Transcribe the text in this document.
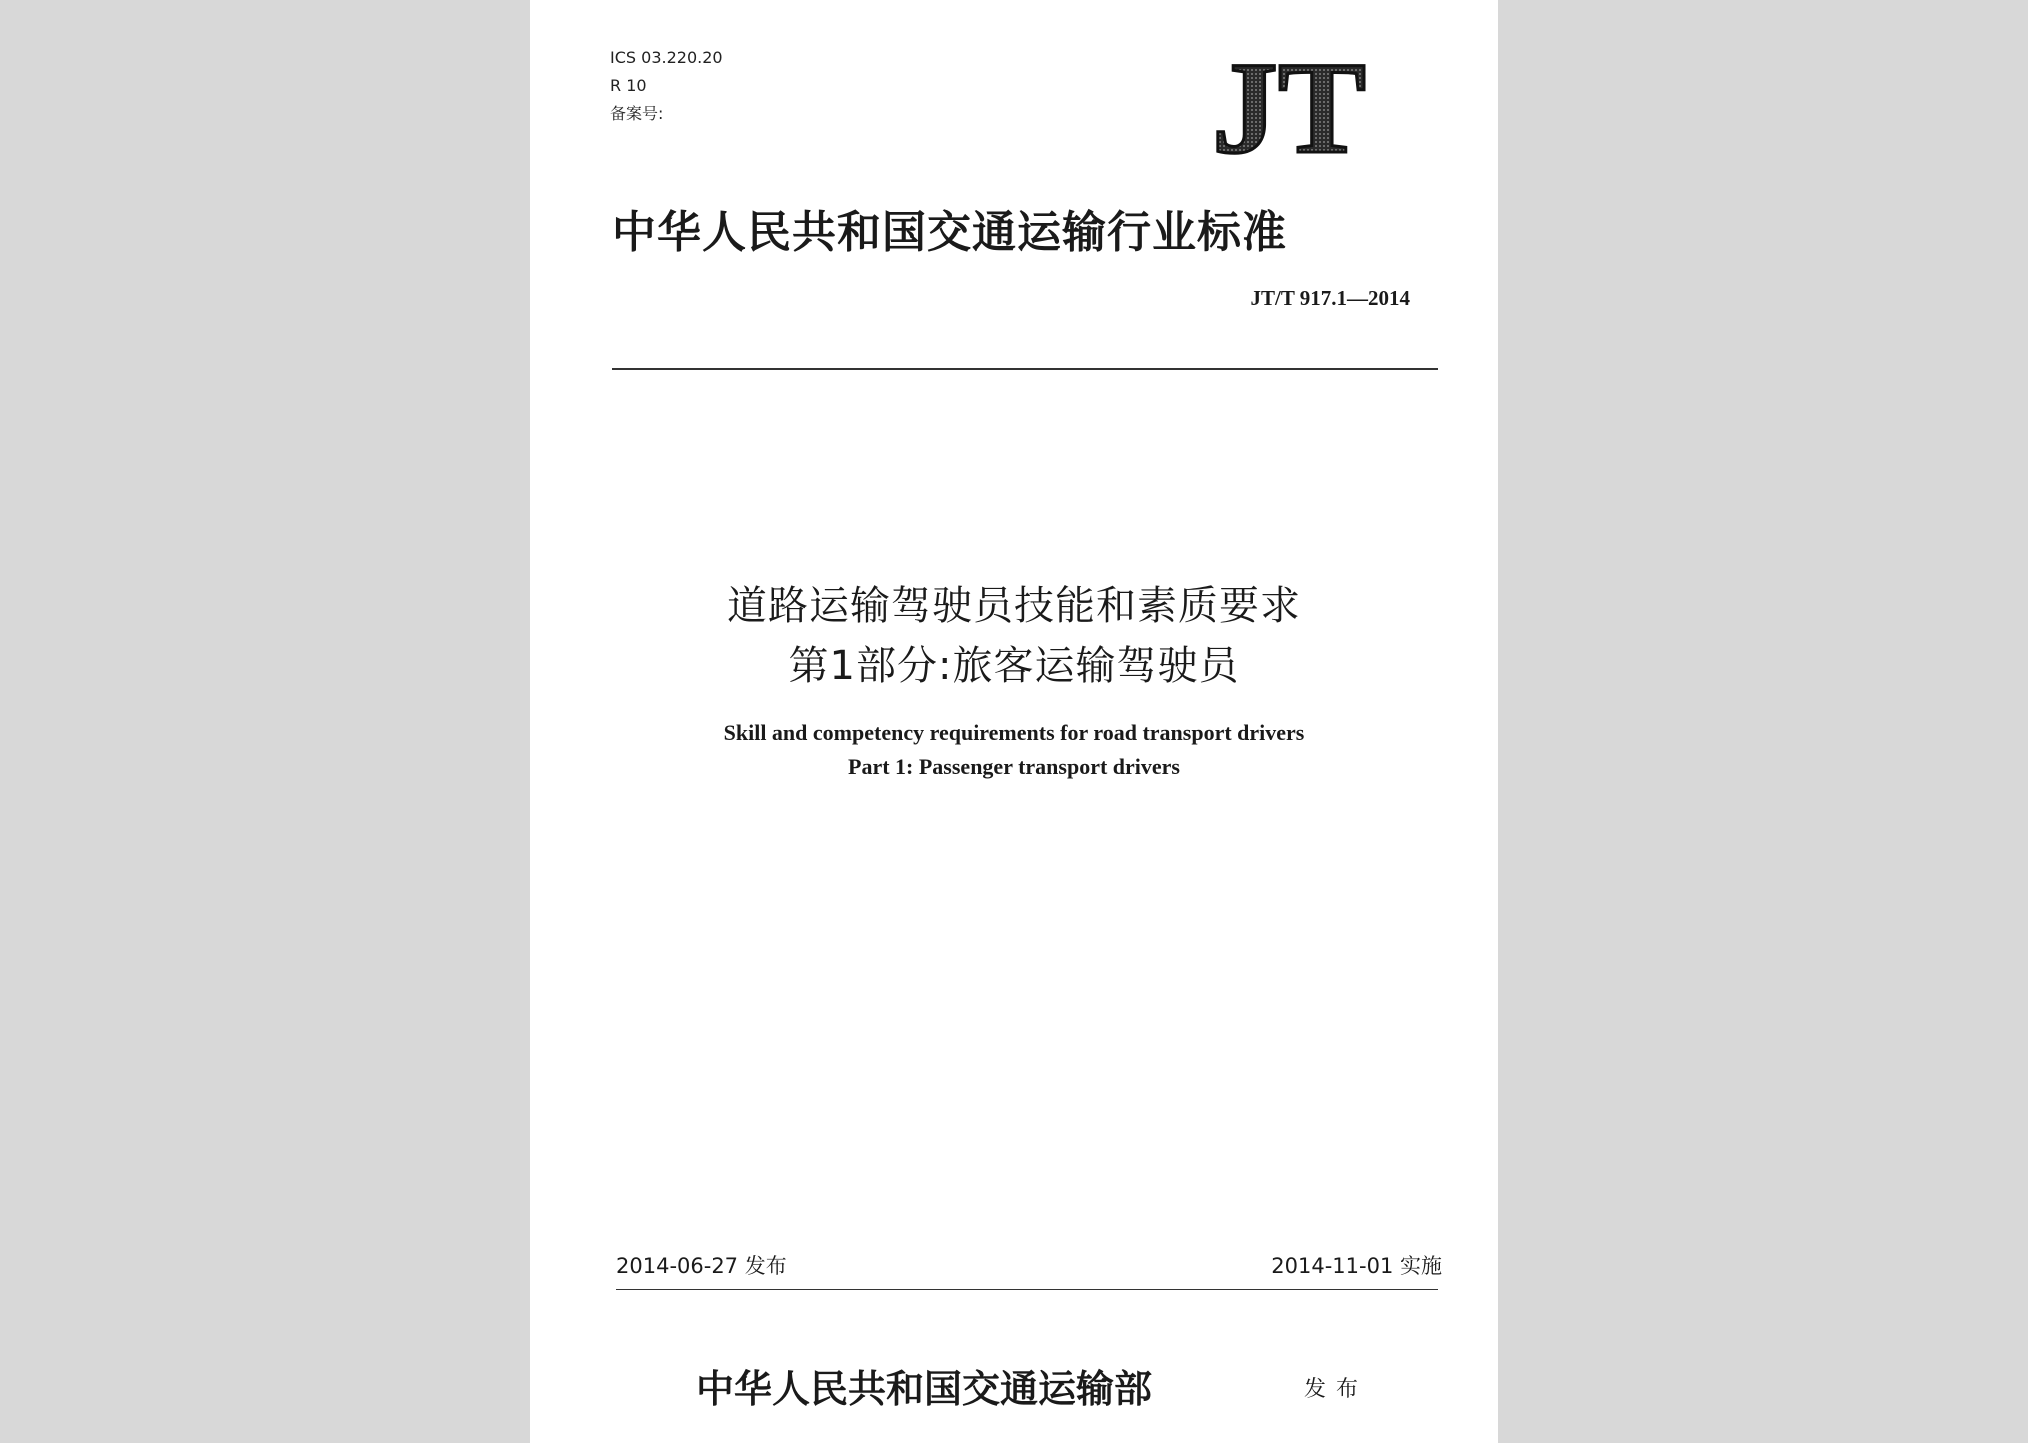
ICS 03.220.20
R 10
备案号:	JT
中华人民共和国交通运输行业标准
JT/T 917.1—2014
道路运输驾驶员技能和素质要求
第1部分:旅客运输驾驶员
Skill and competency requirements for road transport drivers
Part 1: Passenger transport drivers
2014-06-27 发布	2014-11-01 实施
中华人民共和国交通运输部	发布
